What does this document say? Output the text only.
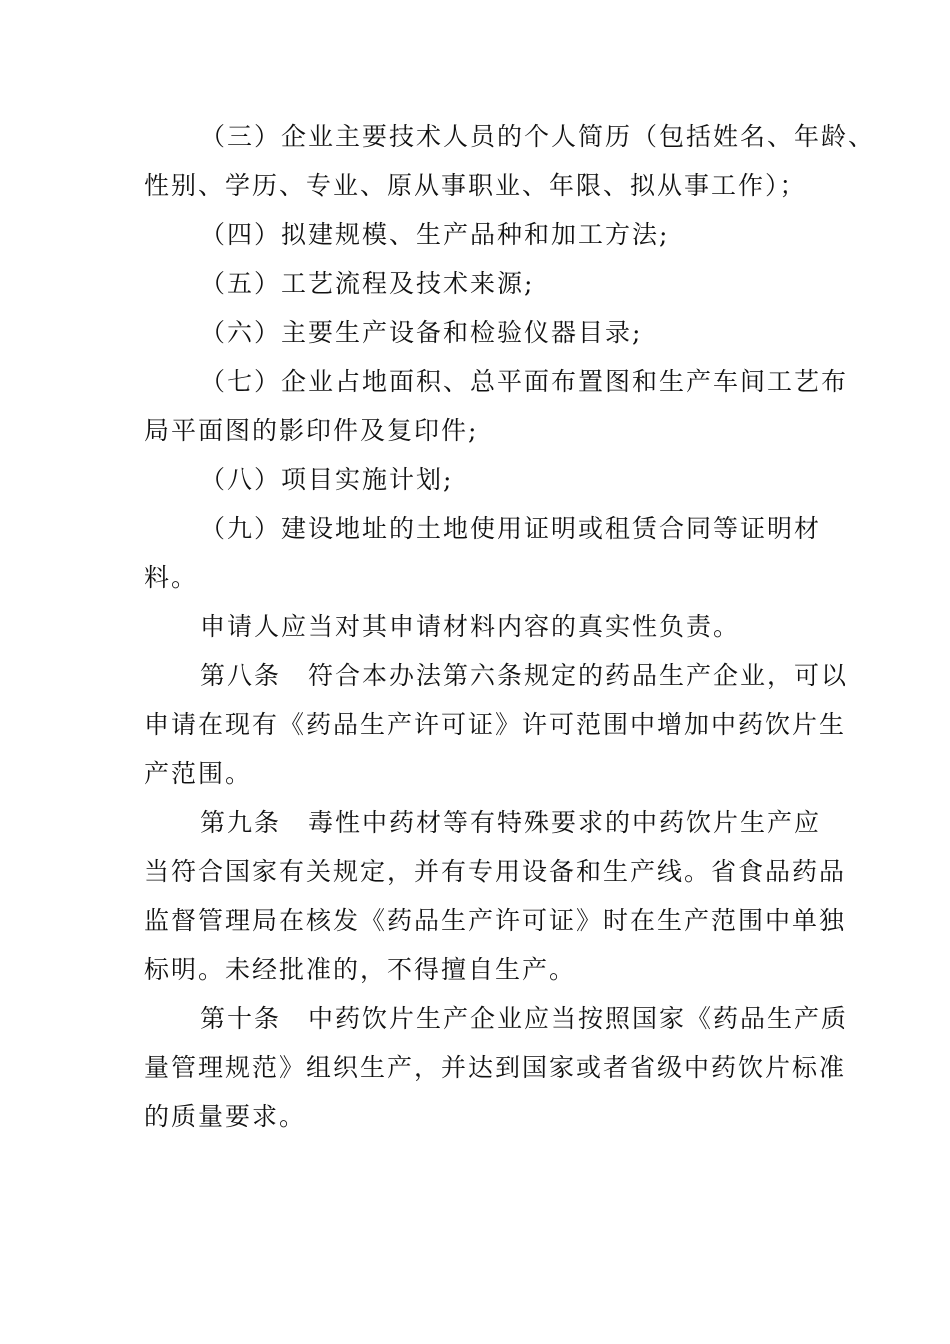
（三）企业主要技术人员的个人简历（包括姓名、年龄、
性别、学历、专业、原从事职业、年限、拟从事工作）；

（四）拟建规模、生产品种和加工方法;

（五）工艺流程及技术来源;

（六）主要生产设备和检验仪器目录;

（七）企业占地面积、总平面布置图和生产车间工艺布
局平面图的影印件及复印件;

（八）项目实施计划;

（九）建设地址的土地使用证明或租赁合同等证明材
料。

申请人应当对其申请材料内容的真实性负责。

第八条　符合本办法第六条规定的药品生产企业，可以
申请在现有《药品生产许可证》许可范围中增加中药饮片生
产范围。

第九条　毒性中药材等有特殊要求的中药饮片生产应
当符合国家有关规定，并有专用设备和生产线。省食品药品
监督管理局在核发《药品生产许可证》时在生产范围中单独
标明。未经批准的，不得擅自生产。

第十条　中药饮片生产企业应当按照国家《药品生产质
量管理规范》组织生产，并达到国家或者省级中药饮片标准
的质量要求。
